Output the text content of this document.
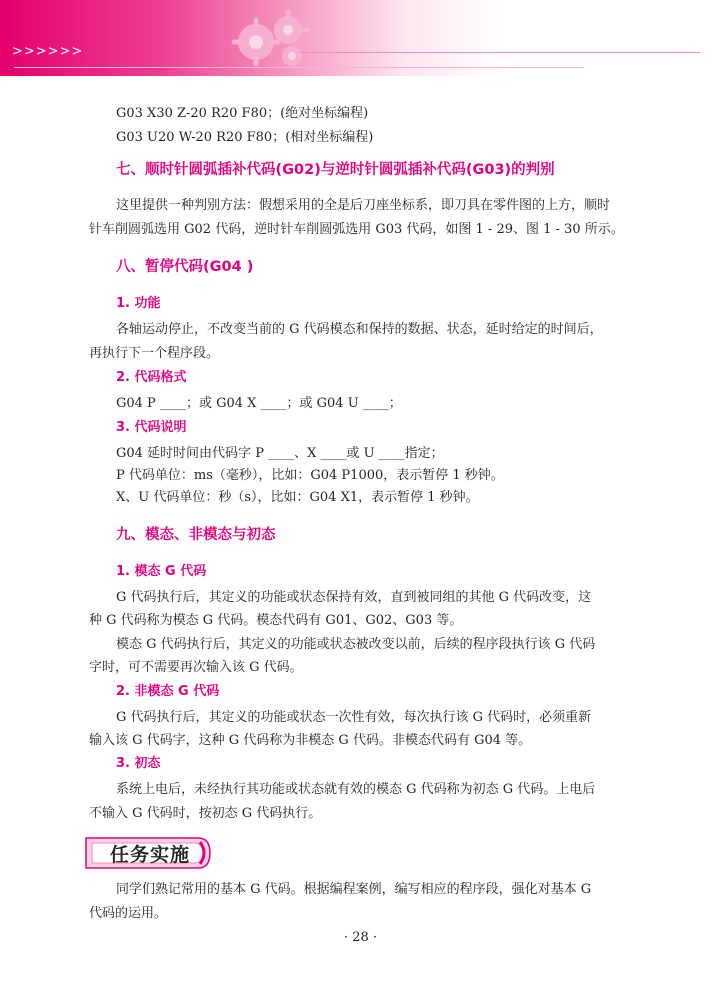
>>>>>>
G03 X30 Z-20 R20 F80；(绝对坐标编程)
G03 U20 W-20 R20 F80；(相对坐标编程)
七、顺时针圆弧插补代码(G02)与逆时针圆弧插补代码(G03)的判别
这里提供一种判别方法：假想采用的全是后刀座坐标系，即刀具在零件图的上方，顺时
针车削圆弧选用 G02 代码，逆时针车削圆弧选用 G03 代码，如图 1 - 29、图 1 - 30 所示。
八、暂停代码(G04 )
1. 功能
各轴运动停止，不改变当前的 G 代码模态和保持的数据、状态，延时给定的时间后，
再执行下一个程序段。
2. 代码格式
G04 P ____；或 G04 X ____；或 G04 U ____；
3. 代码说明
G04 延时时间由代码字 P ____、X ____或 U ____指定；
P 代码单位：ms（毫秒），比如：G04 P1000，表示暂停 1 秒钟。
X、U 代码单位：秒（s），比如：G04 X1，表示暂停 1 秒钟。
九、模态、非模态与初态
1. 模态 G 代码
G 代码执行后，其定义的功能或状态保持有效，直到被同组的其他 G 代码改变，这
种 G 代码称为模态 G 代码。模态代码有 G01、G02、G03 等。
模态 G 代码执行后，其定义的功能或状态被改变以前，后续的程序段执行该 G 代码
字时，可不需要再次输入该 G 代码。
2. 非模态 G 代码
G 代码执行后，其定义的功能或状态一次性有效，每次执行该 G 代码时，必须重新
输入该 G 代码字，这种 G 代码称为非模态 G 代码。非模态代码有 G04 等。
3. 初态
系统上电后，未经执行其功能或状态就有效的模态 G 代码称为初态 G 代码。上电后
不输入 G 代码时，按初态 G 代码执行。
任务实施
同学们熟记常用的基本 G 代码。根据编程案例，编写相应的程序段，强化对基本 G
代码的运用。
· 28 ·
